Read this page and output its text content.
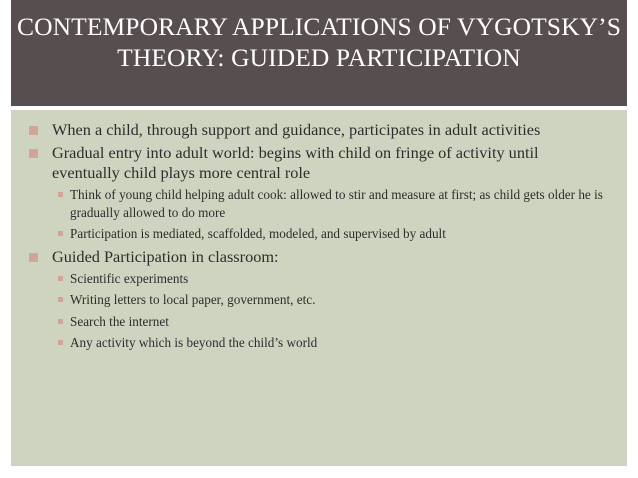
CONTEMPORARY APPLICATIONS OF VYGOTSKY’S THEORY: GUIDED PARTICIPATION
When a child, through support and guidance, participates in adult activities
Gradual entry into adult world: begins with child on fringe of activity until eventually child plays more central role
Think of young child helping adult cook: allowed to stir and measure at first; as child gets older he is gradually allowed to do more
Participation is mediated, scaffolded, modeled, and supervised by adult
Guided Participation in classroom:
Scientific experiments
Writing letters to local paper, government, etc.
Search the internet
Any activity which is beyond the child’s world
